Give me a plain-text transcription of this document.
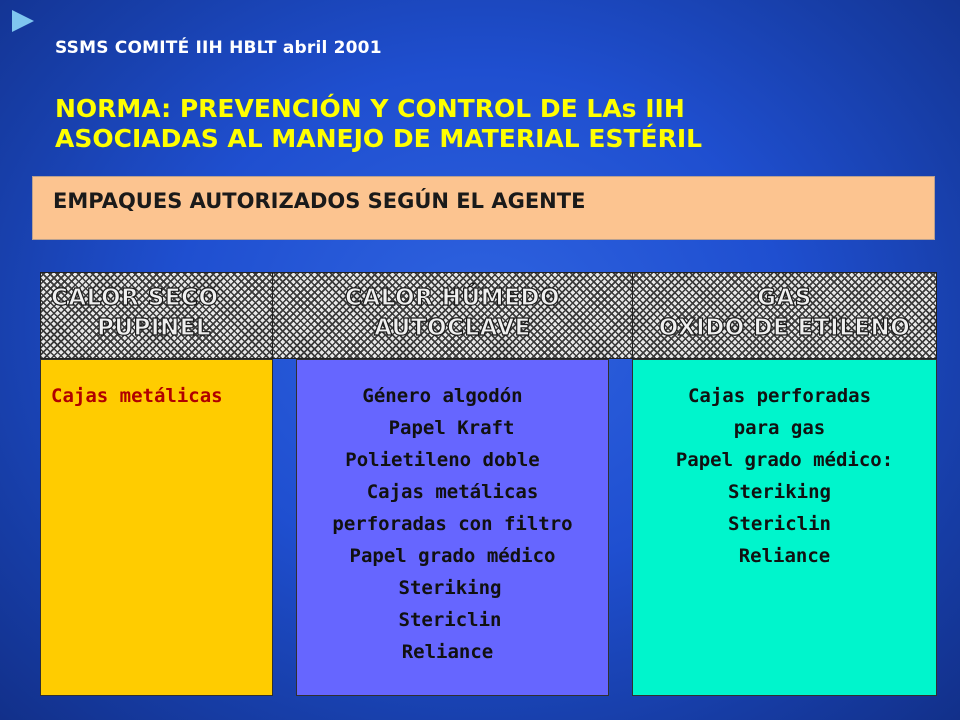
SSMS COMITÉ IIH HBLT abril 2001
NORMA: PREVENCIÓN Y CONTROL DE LAs IIH
ASOCIADAS AL MANEJO DE MATERIAL ESTÉRIL
EMPAQUES AUTORIZADOS SEGÚN EL AGENTE
CALOR SECO
PUPINEL
CALOR HÚMEDO
AUTOCLAVE
GAS
OXIDO DE ETILENO
Cajas metálicas	Género algodón
Papel Kraft
Polietileno doble
Cajas metálicas
perforadas con filtro
Papel grado médico
Steriking
Stericlin
Reliance
Cajas perforadas
para gas
Papel grado médico:
Steriking
Stericlin
Reliance
